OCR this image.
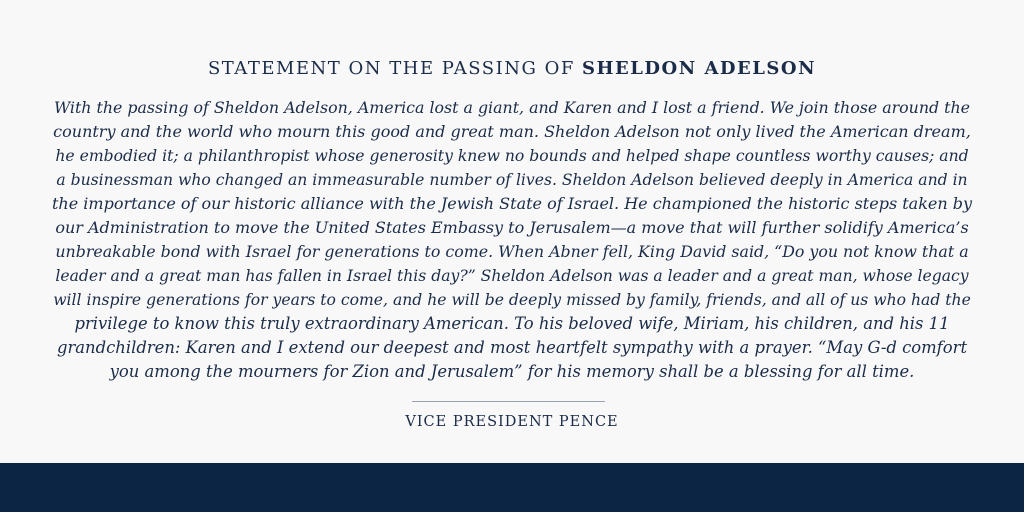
STATEMENT ON THE PASSING OF SHELDON ADELSON
With the passing of Sheldon Adelson, America lost a giant, and Karen and I lost a friend. We join those around the
country and the world who mourn this good and great man. Sheldon Adelson not only lived the American dream,
he embodied it; a philanthropist whose generosity knew no bounds and helped shape countless worthy causes; and
a businessman who changed an immeasurable number of lives. Sheldon Adelson believed deeply in America and in
the importance of our historic alliance with the Jewish State of Israel. He championed the historic steps taken by
our Administration to move the United States Embassy to Jerusalem—a move that will further solidify America’s
unbreakable bond with Israel for generations to come. When Abner fell, King David said, “Do you not know that a
leader and a great man has fallen in Israel this day?” Sheldon Adelson was a leader and a great man, whose legacy
will inspire generations for years to come, and he will be deeply missed by family, friends, and all of us who had the
privilege to know this truly extraordinary American. To his beloved wife, Miriam, his children, and his 11
grandchildren: Karen and I extend our deepest and most heartfelt sympathy with a prayer. “May G-d comfort
you among the mourners for Zion and Jerusalem” for his memory shall be a blessing for all time.
VICE PRESIDENT PENCE
